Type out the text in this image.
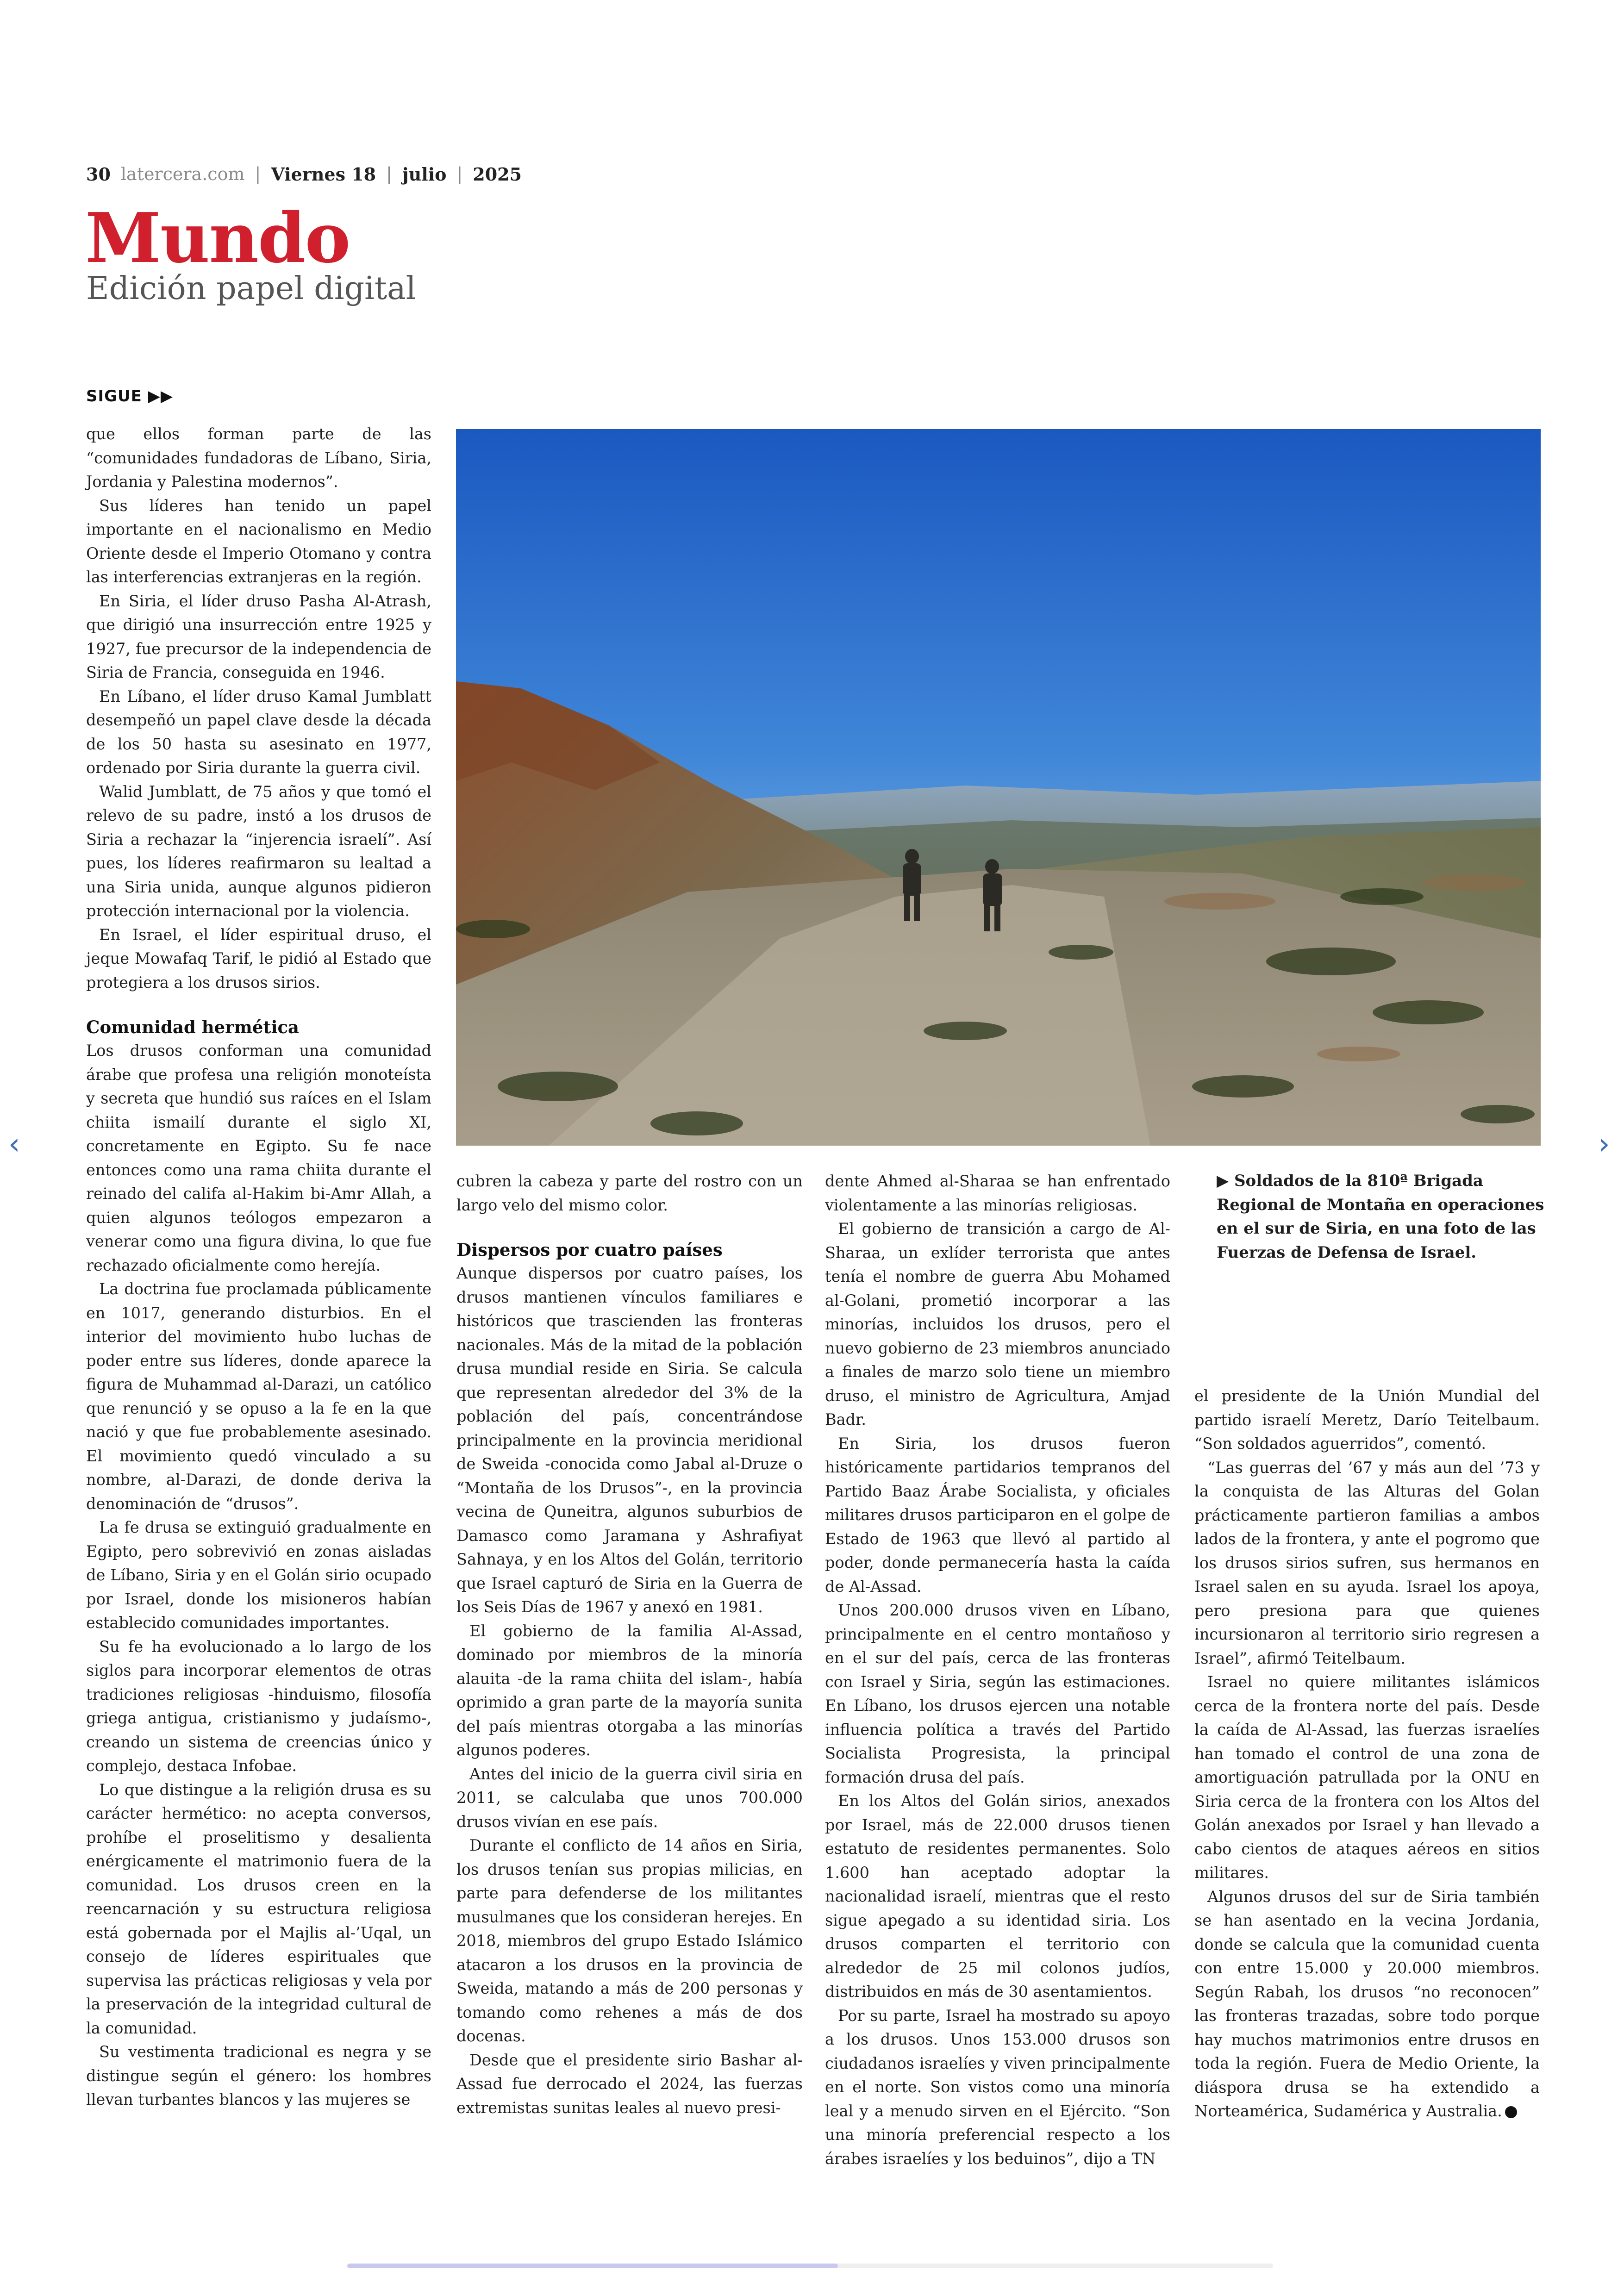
30 latercera.com | Viernes 18 | julio | 2025
Mundo
Edición papel digital
SIGUE ▶▶

que ellos forman parte de las “comunidades fundadoras de Líbano, Siria, Jordania y Palestina modernos”.

Sus líderes han tenido un papel importante en el nacionalismo en Medio Oriente desde el Imperio Otomano y contra las interferencias extranjeras en la región.

En Siria, el líder druso Pasha Al-Atrash, que dirigió una insurrección entre 1925 y 1927, fue precursor de la independencia de Siria de Francia, conseguida en 1946.

En Líbano, el líder druso Kamal Jumblatt desempeñó un papel clave desde la década de los 50 hasta su asesinato en 1977, ordenado por Siria durante la guerra civil.

Walid Jumblatt, de 75 años y que tomó el relevo de su padre, instó a los drusos de Siria a rechazar la “injerencia israelí”. Así pues, los líderes reafirmaron su lealtad a una Siria unida, aunque algunos pidieron protección internacional por la violencia.

En Israel, el líder espiritual druso, el jeque Mowafaq Tarif, le pidió al Estado que protegiera a los drusos sirios.

Comunidad hermética

Los drusos conforman una comunidad árabe que profesa una religión monoteísta y secreta que hundió sus raíces en el Islam chiita ismailí durante el siglo XI, concretamente en Egipto. Su fe nace entonces como una rama chiita durante el reinado del califa al-Hakim bi-Amr Allah, a quien algunos teólogos empezaron a venerar como una figura divina, lo que fue rechazado oficialmente como herejía.

La doctrina fue proclamada públicamente en 1017, generando disturbios. En el interior del movimiento hubo luchas de poder entre sus líderes, donde aparece la figura de Muhammad al-Darazi, un católico que renunció y se opuso a la fe en la que nació y que fue probablemente asesinado. El movimiento quedó vinculado a su nombre, al-Darazi, de donde deriva la denominación de “drusos”.

La fe drusa se extinguió gradualmente en Egipto, pero sobrevivió en zonas aisladas de Líbano, Siria y en el Golán sirio ocupado por Israel, donde los misioneros habían establecido comunidades importantes.

Su fe ha evolucionado a lo largo de los siglos para incorporar elementos de otras tradiciones religiosas -hinduismo, filosofía griega antigua, cristianismo y judaísmo-, creando un sistema de creencias único y complejo, destaca Infobae.

Lo que distingue a la religión drusa es su carácter hermético: no acepta conversos, prohíbe el proselitismo y desalienta enérgicamente el matrimonio fuera de la comunidad. Los drusos creen en la reencarnación y su estructura religiosa está gobernada por el Majlis al-’Uqal, un consejo de líderes espirituales que supervisa las prácticas religiosas y vela por la preservación de la integridad cultural de la comunidad.

Su vestimenta tradicional es negra y se distingue según el género: los hombres llevan turbantes blancos y las mujeres se

cubren la cabeza y parte del rostro con un largo velo del mismo color.

Dispersos por cuatro países

Aunque dispersos por cuatro países, los drusos mantienen vínculos familiares e históricos que trascienden las fronteras nacionales. Más de la mitad de la población drusa mundial reside en Siria. Se calcula que representan alrededor del 3% de la población del país, concentrándose principalmente en la provincia meridional de Sweida -conocida como Jabal al-Druze o “Montaña de los Drusos”-, en la provincia vecina de Quneitra, algunos suburbios de Damasco como Jaramana y Ashrafiyat Sahnaya, y en los Altos del Golán, territorio que Israel capturó de Siria en la Guerra de los Seis Días de 1967 y anexó en 1981.

El gobierno de la familia Al-Assad, dominado por miembros de la minoría alauita -de la rama chiita del islam-, había oprimido a gran parte de la mayoría sunita del país mientras otorgaba a las minorías algunos poderes.

Antes del inicio de la guerra civil siria en 2011, se calculaba que unos 700.000 drusos vivían en ese país.

Durante el conflicto de 14 años en Siria, los drusos tenían sus propias milicias, en parte para defenderse de los militantes musulmanes que los consideran herejes. En 2018, miembros del grupo Estado Islámico atacaron a los drusos en la provincia de Sweida, matando a más de 200 personas y tomando como rehenes a más de dos docenas.

Desde que el presidente sirio Bashar al-Assad fue derrocado el 2024, las fuerzas extremistas sunitas leales al nuevo presi-

dente Ahmed al-Sharaa se han enfrentado violentamente a las minorías religiosas.

El gobierno de transición a cargo de Al-Sharaa, un exlíder terrorista que antes tenía el nombre de guerra Abu Mohamed al-Golani, prometió incorporar a las minorías, incluidos los drusos, pero el nuevo gobierno de 23 miembros anunciado a finales de marzo solo tiene un miembro druso, el ministro de Agricultura, Amjad Badr.

En Siria, los drusos fueron históricamente partidarios tempranos del Partido Baaz Árabe Socialista, y oficiales militares drusos participaron en el golpe de Estado de 1963 que llevó al partido al poder, donde permanecería hasta la caída de Al-Assad.

Unos 200.000 drusos viven en Líbano, principalmente en el centro montañoso y en el sur del país, cerca de las fronteras con Israel y Siria, según las estimaciones. En Líbano, los drusos ejercen una notable influencia política a través del Partido Socialista Progresista, la principal formación drusa del país.

En los Altos del Golán sirios, anexados por Israel, más de 22.000 drusos tienen estatuto de residentes permanentes. Solo 1.600 han aceptado adoptar la nacionalidad israelí, mientras que el resto sigue apegado a su identidad siria. Los drusos comparten el territorio con alrededor de 25 mil colonos judíos, distribuidos en más de 30 asentamientos.

Por su parte, Israel ha mostrado su apoyo a los drusos. Unos 153.000 drusos son ciudadanos israelíes y viven principalmente en el norte. Son vistos como una minoría leal y a menudo sirven en el Ejército. “Son una minoría preferencial respecto a los árabes israelíes y los beduinos”, dijo a TN

▶ Soldados de la 810ª Brigada Regional de Montaña en operaciones en el sur de Siria, en una foto de las Fuerzas de Defensa de Israel.

el presidente de la Unión Mundial del partido israelí Meretz, Darío Teitelbaum. “Son soldados aguerridos”, comentó.

“Las guerras del ’67 y más aun del ’73 y la conquista de las Alturas del Golan prácticamente partieron familias a ambos lados de la frontera, y ante el pogromo que los drusos sirios sufren, sus hermanos en Israel salen en su ayuda. Israel los apoya, pero presiona para que quienes incursionaron al territorio sirio regresen a Israel”, afirmó Teitelbaum.

Israel no quiere militantes islámicos cerca de la frontera norte del país. Desde la caída de Al-Assad, las fuerzas israelíes han tomado el control de una zona de amortiguación patrullada por la ONU en Siria cerca de la frontera con los Altos del Golán anexados por Israel y han llevado a cabo cientos de ataques aéreos en sitios militares.

Algunos drusos del sur de Siria también se han asentado en la vecina Jordania, donde se calcula que la comunidad cuenta con entre 15.000 y 20.000 miembros. Según Rabah, los drusos “no reconocen” las fronteras trazadas, sobre todo porque hay muchos matrimonios entre drusos en toda la región. Fuera de Medio Oriente, la diáspora drusa se ha extendido a Norteamérica, Sudamérica y Australia.

‹	›
